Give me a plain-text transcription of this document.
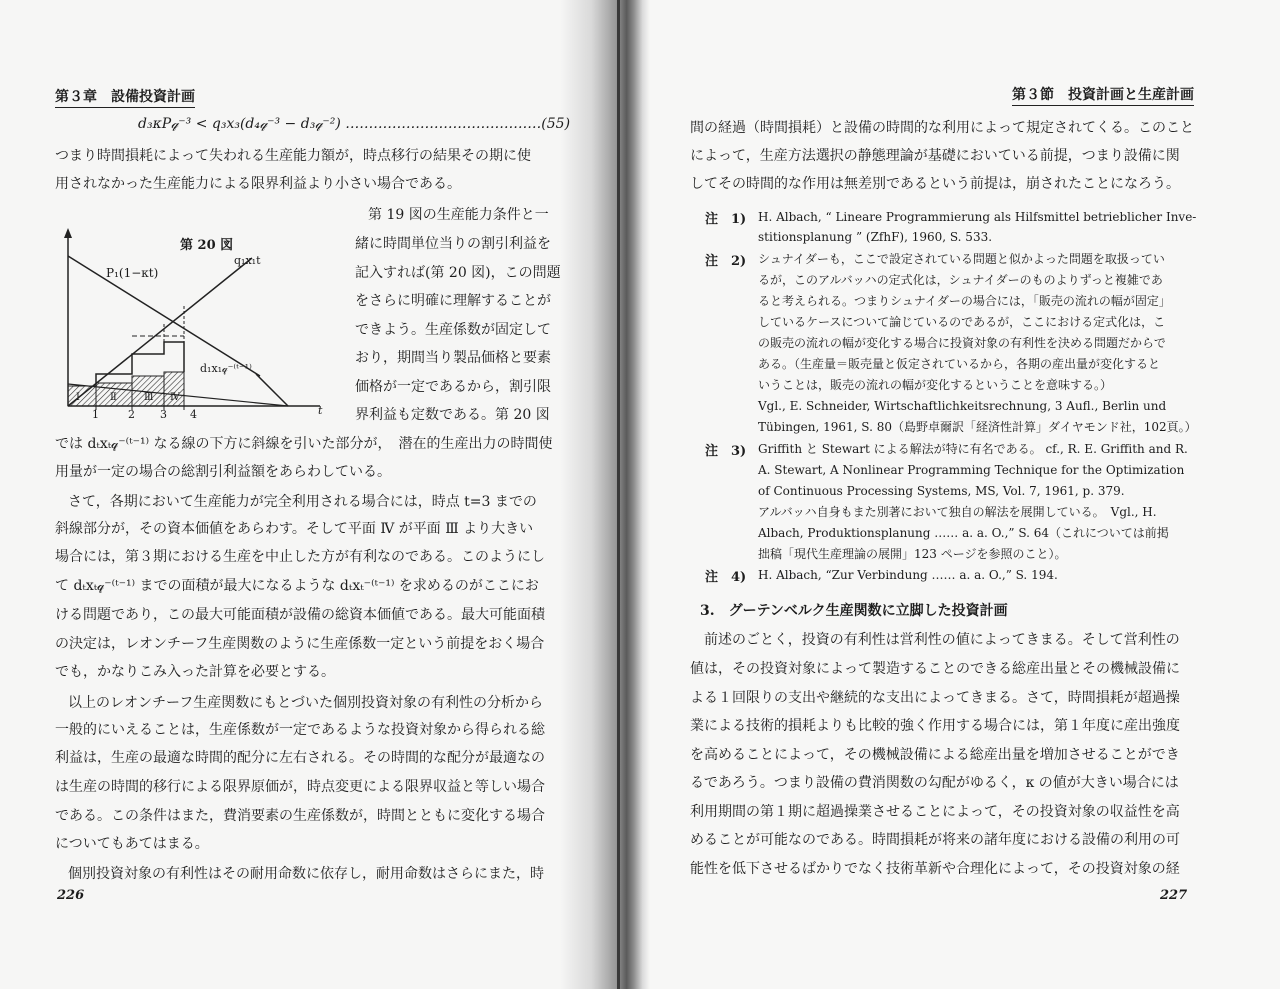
第３章　設備投資計画
d₃κP𝓆⁻³ < q₃x₃(d₄𝓆⁻³ − d₃𝓆⁻²) ……………………………………(55)
つまり時間損耗によって失われる生産能力額が，時点移行の結果その期に使
用されなかった生産能力による限界利益より小さい場合である。
第 19 図の生産能力条件と一
緒に時間単位当りの割引利益を
記入すれば(第 20 図)，この問題
をさらに明確に理解することが
できよう。生産係数が固定して
おり，期間当り製品価格と要素
価格が一定であるから，割引限
界利益も定数である。第 20 図
では dₜxₜ𝓆⁻⁽ᵗ⁻¹⁾ なる線の下方に斜線を引いた部分が，　潜在的生産出力の時間使
用量が一定の場合の総割引利益額をあらわしている。
さて，各期において生産能力が完全利用される場合には，時点 t=3 までの
斜線部分が，その資本価値をあらわす。そして平面 Ⅳ が平面 Ⅲ より大きい
場合には，第３期における生産を中止した方が有利なのである。このようにし
て dₜxₜ𝓆⁻⁽ᵗ⁻¹⁾ までの面積が最大になるような dₜxₜ⁻⁽ᵗ⁻¹⁾ を求めるのがここにお
ける問題であり，この最大可能面積が設備の総資本価値である。最大可能面積
の決定は，レオンチーフ生産関数のように生産係数一定という前提をおく場合
でも，かなりこみ入った計算を必要とする。
以上のレオンチーフ生産関数にもとづいた個別投資対象の有利性の分析から
一般的にいえることは，生産係数が一定であるような投資対象から得られる総
利益は，生産の最適な時間的配分に左右される。その時間的な配分が最適なの
は生産の時間的移行による限界原価が，時点変更による限界収益と等しい場合
である。この条件はまた，費消要素の生産係数が，時間とともに変化する場合
についてもあてはまる。
個別投資対象の有利性はその耐用命数に依存し，耐用命数はさらにまた，時
226
第 20 図
P₁(1−κt)
q₁x₁t
d₁x₁𝓆⁻⁽ᵗ⁻¹⁾
Ⅰ	Ⅱ	Ⅲ Ⅳ
1	2 3 4	t
第３節　投資計画と生産計画
間の経過（時間損耗）と設備の時間的な利用によって規定されてくる。このこと
によって，生産方法選択の静態理論が基礎においている前提，つまり設備に関
してその時間的な作用は無差別であるという前提は，崩されたことになろう。
注　1) H. Albach, “ Lineare Programmierung als Hilfsmittel betrieblicher Inve-
stitionsplanung ” (ZfhF), 1960, S. 533.
注　2) シュナイダーも，ここで設定されている問題と似かよった問題を取扱ってい
るが，このアルバッハの定式化は，シュナイダーのものよりずっと複雑であ
ると考えられる。つまりシュナイダーの場合には，「販売の流れの幅が固定」
しているケースについて論じているのであるが，ここにおける定式化は，こ
の販売の流れの幅が変化する場合に投資対象の有利性を決める問題だからで
ある。（生産量＝販売量と仮定されているから，各期の産出量が変化すると
いうことは，販売の流れの幅が変化するということを意味する。）
Vgl., E. Schneider, Wirtschaftlichkeitsrechnung, 3 Aufl., Berlin und
Tübingen, 1961, S. 80（島野卓爾訳「経済性計算」ダイヤモンド社，102頁。）
注　3) Griffith と Stewart による解法が特に有名である。 cf., R. E. Griffith and R.
A. Stewart, A Nonlinear Programming Technique for the Optimization
of Continuous Processing Systems, MS, Vol. 7, 1961, p. 379.
アルバッハ自身もまた別著において独自の解法を展開している。　Vgl., H.
Albach, Produktionsplanung …… a. a. O.,” S. 64（これについては前掲
拙稿「現代生産理論の展開」123 ページを参照のこと）。
注　4) H. Albach, “Zur Verbindung …… a. a. O.,” S. 194.
3.　グーテンベルク生産関数に立脚した投資計画
前述のごとく，投資の有利性は営利性の値によってきまる。そして営利性の
値は，その投資対象によって製造することのできる総産出量とその機械設備に
よる１回限りの支出や継続的な支出によってきまる。さて，時間損耗が超過操
業による技術的損耗よりも比較的強く作用する場合には，第１年度に産出強度
を高めることによって，その機械設備による総産出量を増加させることができ
るであろう。つまり設備の費消関数の勾配がゆるく，κ の値が大きい場合には
利用期間の第１期に超過操業させることによって，その投資対象の収益性を高
めることが可能なのである。時間損耗が将来の諸年度における設備の利用の可
能性を低下させるばかりでなく技術革新や合理化によって，その投資対象の経
227
